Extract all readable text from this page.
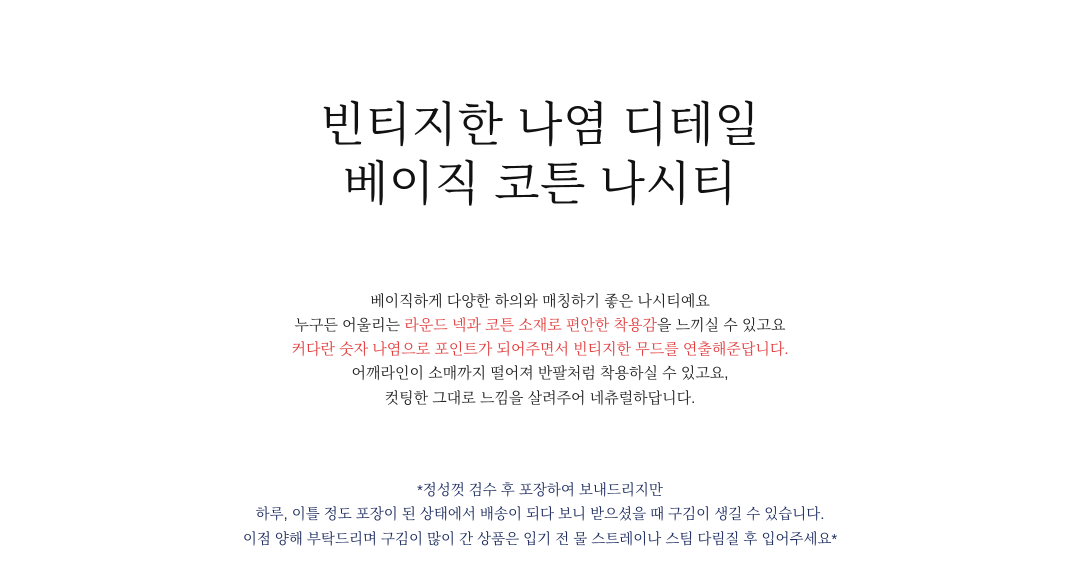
빈티지한 나염 디테일
베이직 코튼 나시티
베이직하게 다양한 하의와 매칭하기 좋은 나시티예요
누구든 어울리는 라운드 넥과 코튼 소재로 편안한 착용감을 느끼실 수 있고요
커다란 숫자 나염으로 포인트가 되어주면서 빈티지한 무드를 연출해준답니다.
어깨라인이 소매까지 떨어져 반팔처럼 착용하실 수 있고요,
컷팅한 그대로 느낌을 살려주어 네츄럴하답니다.
*정성껏 검수 후 포장하여 보내드리지만
하루, 이틀 정도 포장이 된 상태에서 배송이 되다 보니 받으셨을 때 구김이 생길 수 있습니다.
이점 양해 부탁드리며 구김이 많이 간 상품은 입기 전 물 스트레이나 스팀 다림질 후 입어주세요*
